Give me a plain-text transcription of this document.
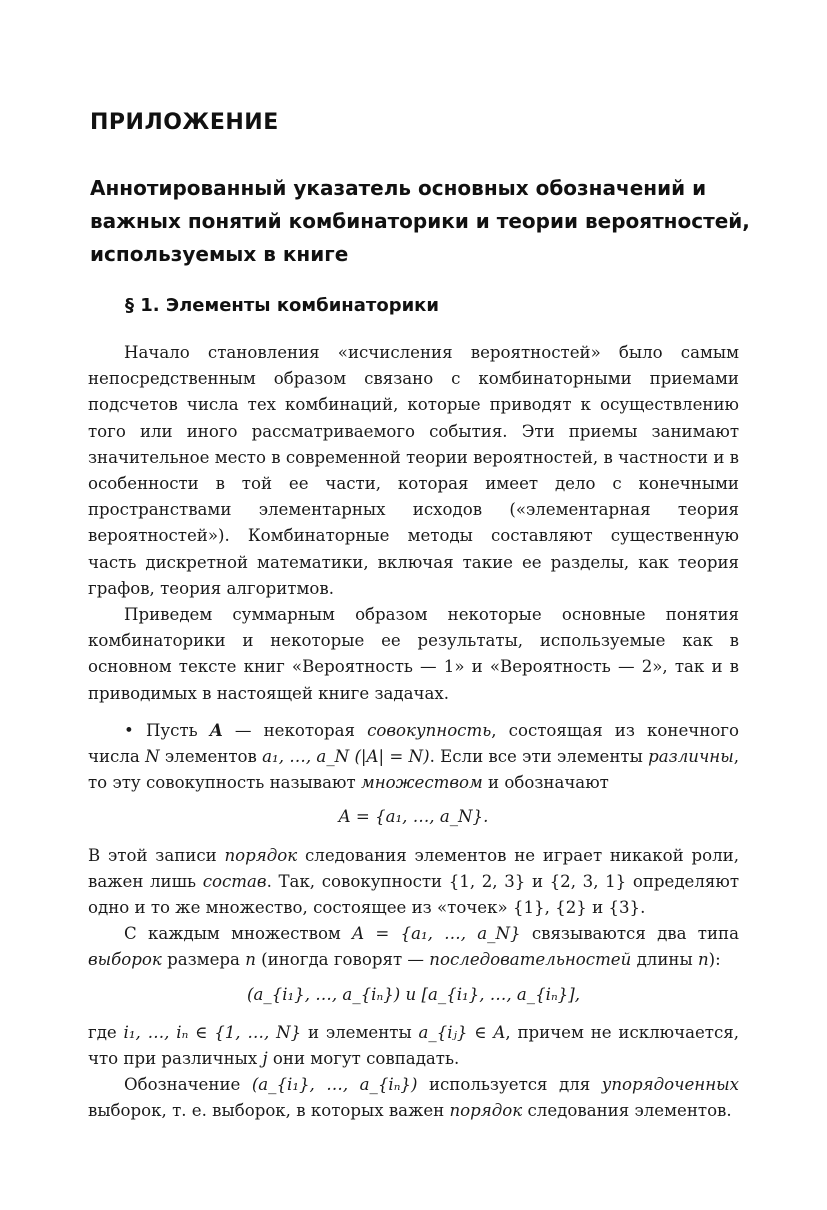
ПРИЛОЖЕНИЕ
Аннотированный указатель основных обозначений и важных понятий комбинаторики и теории вероятностей, используемых в книге
§ 1. Элементы комбинаторики

Начало становления «исчисления вероятностей» было самым непосредственным образом связано с комбинаторными приемами подсчетов числа тех комбинаций, которые приводят к осуществлению того или иного рассматриваемого события. Эти приемы занимают значительное место в современной теории вероятностей, в частности и в особенности в той ее части, которая имеет дело с конечными пространствами элементарных исходов («элементарная теория вероятностей»). Комбинаторные методы составляют существенную часть дискретной математики, включая такие ее разделы, как теория графов, теория алгоритмов.

Приведем суммарным образом некоторые основные понятия комбинаторики и некоторые ее результаты, используемые как в основном тексте книг «Вероятность — 1» и «Вероятность — 2», так и в приводимых в настоящей книге задачах.

• Пусть A — некоторая совокупность, состоящая из конечного числа N элементов a₁, …, a_N (|A| = N). Если все эти элементы различны, то эту совокупность называют множеством и обозначают

A = {a₁, …, a_N}.

В этой записи порядок следования элементов не играет никакой роли, важен лишь состав. Так, совокупности {1, 2, 3} и {2, 3, 1} определяют одно и то же множество, состоящее из «точек» {1}, {2} и {3}.

С каждым множеством A = {a₁, …, a_N} связываются два типа выборок размера n (иногда говорят — последовательностей длины n):

(a_{i₁}, …, a_{iₙ}) и [a_{i₁}, …, a_{iₙ}],

где i₁, …, iₙ ∈ {1, …, N} и элементы a_{iⱼ} ∈ A, причем не исключается, что при различных j они могут совпадать.

Обозначение (a_{i₁}, …, a_{iₙ}) используется для упорядоченных выборок, т. е. выборок, в которых важен порядок следования элементов.
